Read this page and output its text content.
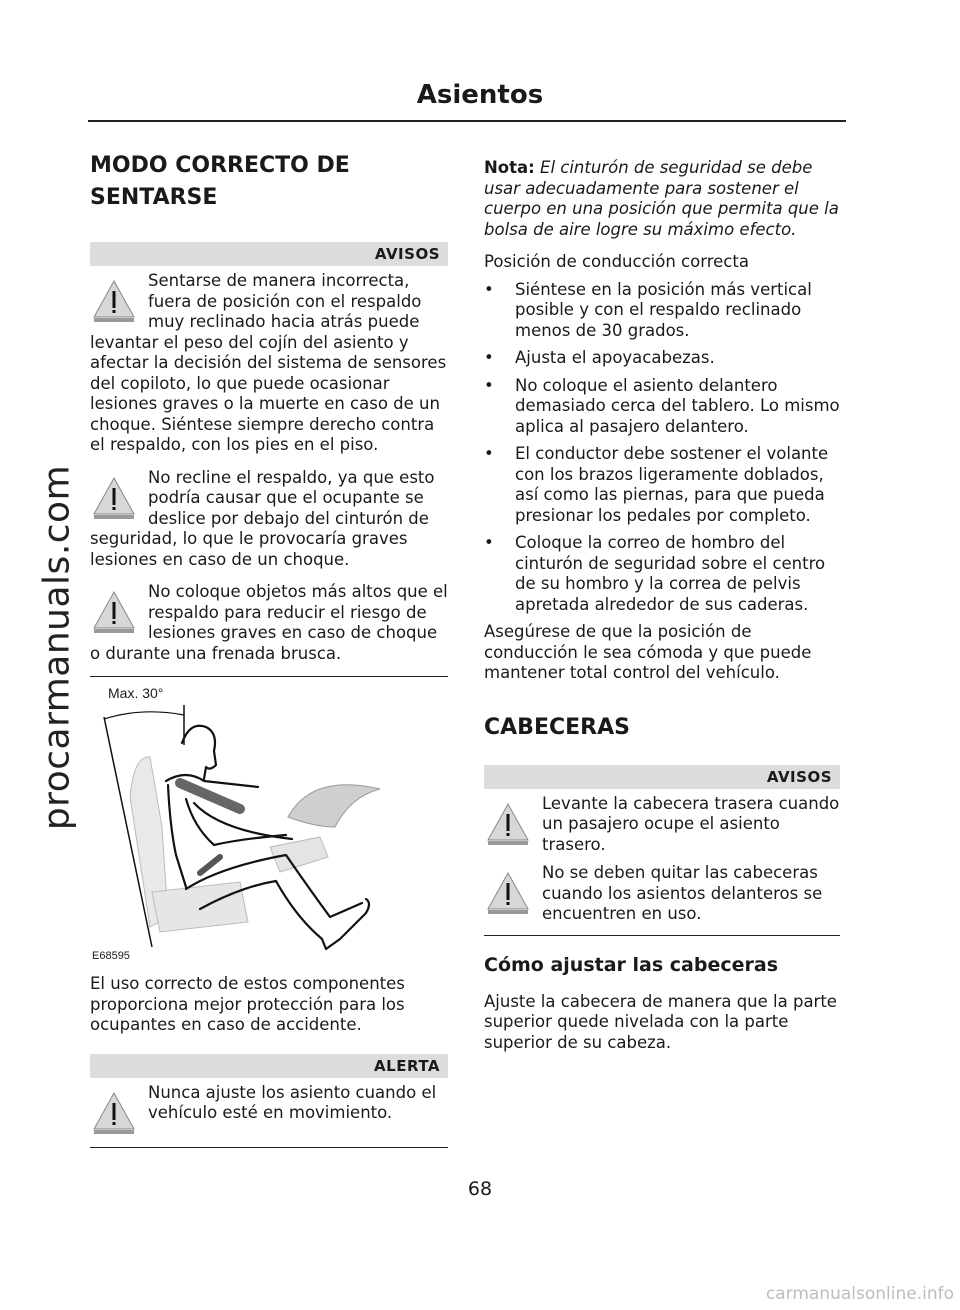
Asientos
procarmanuals.com
MODO CORRECTO DE SENTARSE
AVISOS
Sentarse de manera incorrecta, fuera de posición con el respaldo muy reclinado hacia atrás puede levantar el peso del cojín del asiento y afectar la decisión del sistema de sensores del copiloto, lo que puede ocasionar lesiones graves o la muerte en caso de un choque. Siéntese siempre derecho contra el respaldo, con los pies en el piso.
No recline el respaldo, ya que esto podría causar que el ocupante se deslice por debajo del cinturón de seguridad, lo que le provocaría graves lesiones en caso de un choque.
No coloque objetos más altos que el respaldo para reducir el riesgo de lesiones graves en caso de choque o durante una frenada brusca.
Max. 30°
E68595

El uso correcto de estos componentes proporciona mejor protección para los ocupantes en caso de accidente.

ALERTA
Nunca ajuste los asiento cuando el vehículo esté en movimiento.

Nota: El cinturón de seguridad se debe usar adecuadamente para sostener el cuerpo en una posición que permita que la bolsa de aire logre su máximo efecto.

Posición de conducción correcta

• Siéntese en la posición más vertical posible y con el respaldo reclinado menos de 30 grados.
• Ajusta el apoyacabezas.
• No coloque el asiento delantero demasiado cerca del tablero. Lo mismo aplica al pasajero delantero.
• El conductor debe sostener el volante con los brazos ligeramente doblados, así como las piernas, para que pueda presionar los pedales por completo.
• Coloque la correo de hombro del cinturón de seguridad sobre el centro de su hombro y la correa de pelvis apretada alrededor de sus caderas.

Asegúrese de que la posición de conducción le sea cómoda y que puede mantener total control del vehículo.

CABECERAS
AVISOS
Levante la cabecera trasera cuando un pasajero ocupe el asiento trasero.
No se deben quitar las cabeceras cuando los asientos delanteros se encuentren en uso.
Cómo ajustar las cabeceras

Ajuste la cabecera de manera que la parte superior quede nivelada con la parte superior de su cabeza.

68
carmanualsonline.info
